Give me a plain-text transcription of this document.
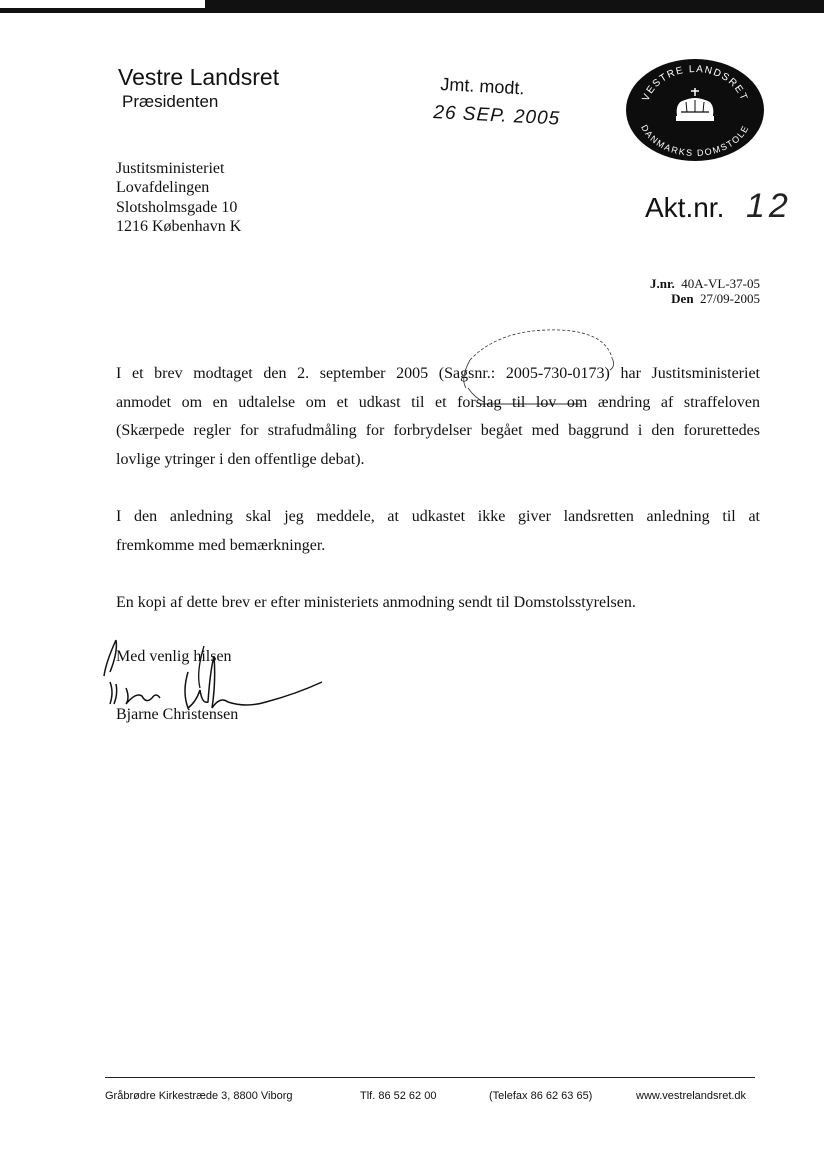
Vestre Landsret
Præsidenten
Jmt. modt.
26 SEP. 2005
VESTRE LANDSRET
DANMARKS DOMSTOLE
Justitsministeriet
Lovafdelingen
Slotsholmsgade 10
1216 København K
Akt.nr. 12
J.nr. 40A-VL-37-05
Den 27/09-2005
I et brev modtaget den 2. september 2005 (Sagsnr.: 2005-730-0173) har Justitsministeriet
anmodet om en udtalelse om et udkast til et forslag til lov om ændring af straffeloven
(Skærpede regler for strafudmåling for forbrydelser begået med baggrund i den forurettedes
lovlige ytringer i den offentlige debat).
I den anledning skal jeg meddele, at udkastet ikke giver landsretten anledning til at
fremkomme med bemærkninger.
En kopi af dette brev er efter ministeriets anmodning sendt til Domstolsstyrelsen.
Med venlig hilsen
Bjarne Christensen
Gråbrødre Kirkestræde 3, 8800 Viborg	Tlf. 86 52 62 00	(Telefax 86 62 63 65)	www.vestrelandsret.dk
